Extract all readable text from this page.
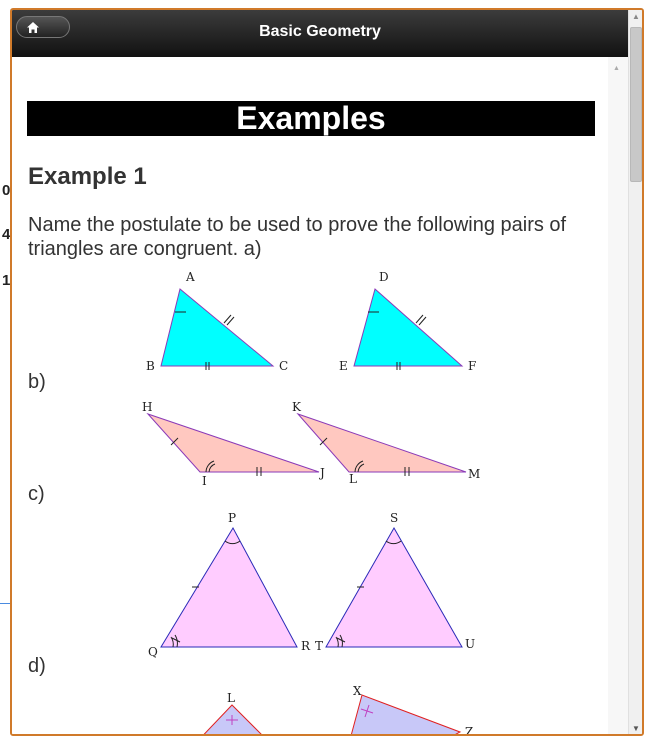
0
4
1
Basic Geometry
Examples
Example 1
Name the postulate to be used to prove the following pairs of triangles are congruent. a)
b)
c)
d)
A
B	C
D
E	F
H
I
J
K
L	M
P
Q	R
S
T	U
L	X
Z
▲
▲
▼
